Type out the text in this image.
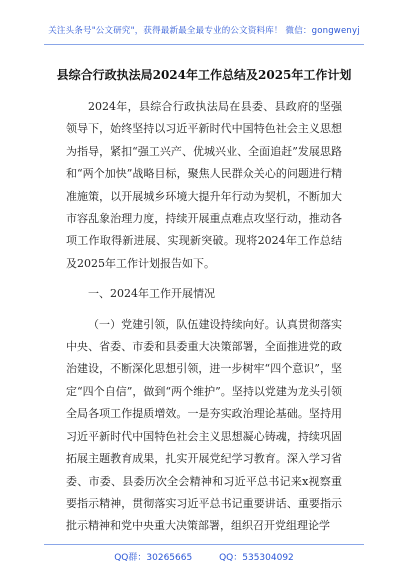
关注头条号"公文研究"，获得最新最全最专业的公文资料库！ 微信：gongwenyj
县综合行政执法局2024年工作总结及2025年工作计划

2024年，县综合行政执法局在县委、县政府的坚强领导下，始终坚持以习近平新时代中国特色社会主义思想为指导，紧扣“强工兴产、优城兴业、全面追赶”发展思路和“两个加快”战略目标，聚焦人民群众关心的问题进行精准施策，以开展城乡环境大提升年行动为契机，不断加大市容乱象治理力度，持续开展重点难点攻坚行动，推动各项工作取得新进展、实现新突破。现将2024年工作总结及2025年工作计划报告如下。

一、2024年工作开展情况

（一）党建引领，队伍建设持续向好。认真贯彻落实中央、省委、市委和县委重大决策部署，全面推进党的政治建设，不断深化思想引领，进一步树牢“四个意识”，坚定“四个自信”，做到“两个维护”。坚持以党建为龙头引领全局各项工作提质增效。一是夯实政治理论基础。坚持用习近平新时代中国特色社会主义思想凝心铸魂，持续巩固拓展主题教育成果，扎实开展党纪学习教育。深入学习省委、市委、县委历次全会精神和习近平总书记来x视察重要指示精神，贯彻落实习近平总书记重要讲话、重要指示批示精神和党中央重大决策部署，组织召开党组理论学

QQ群：30265665	QQ：535304092
